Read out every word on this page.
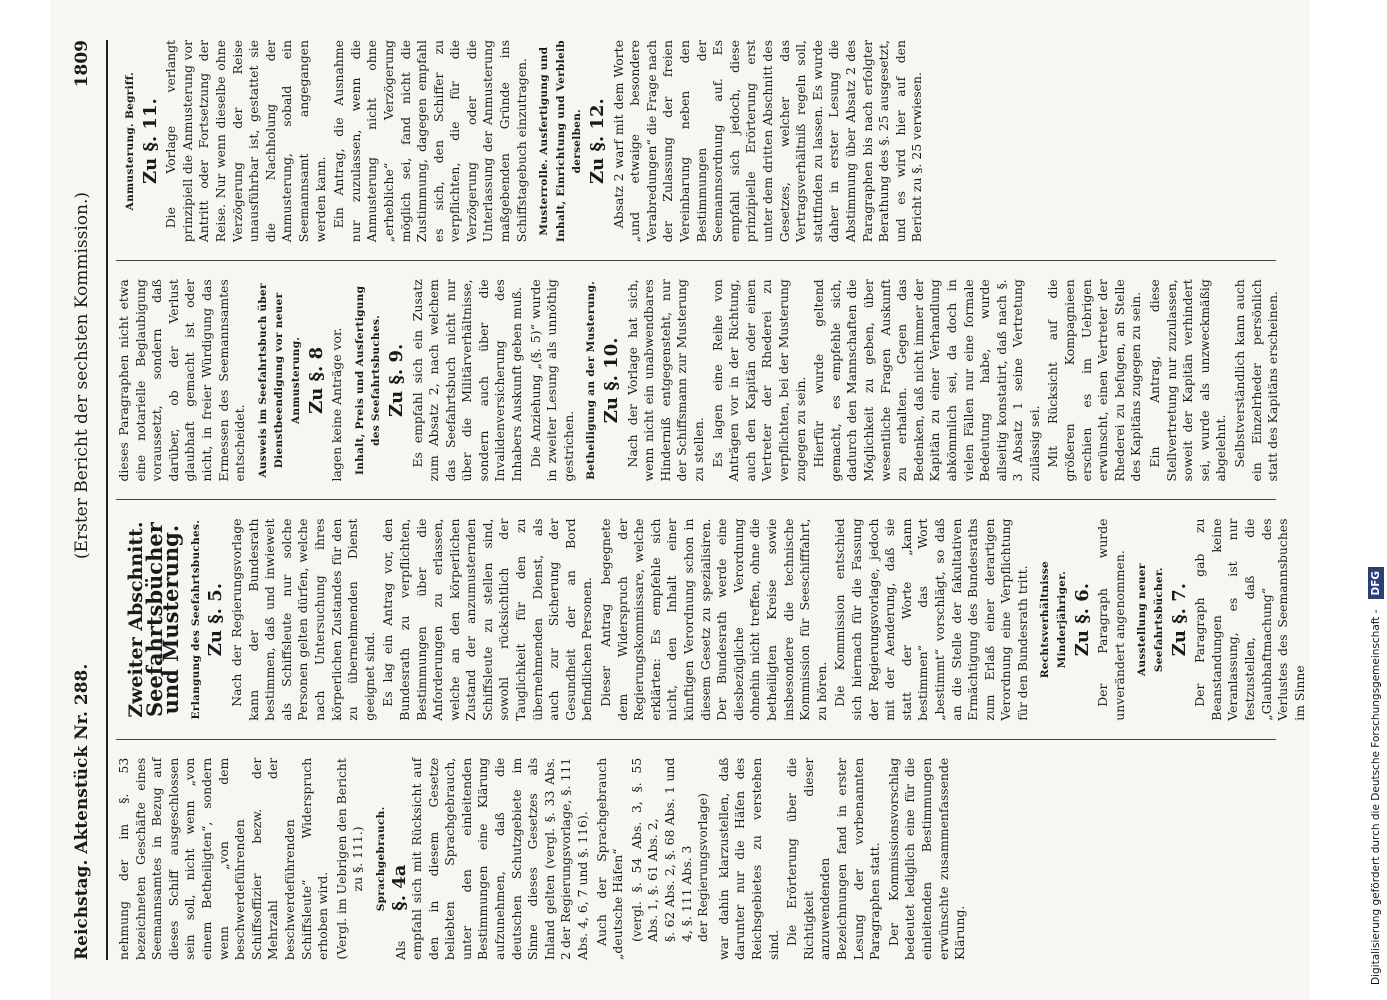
Reichstag. Aktenstück Nr. 288.
(Erster Bericht der sechsten Kommission.)
1809

nehmung der im §. 53 bezeichneten Geschäfte eines Seemannsamtes in Bezug auf dieses Schiff ausgeschlossen sein soll, nicht wenn „von einem Betheiligten“, sondern wenn „von dem beschwerdeführenden Schiffsoffizier bezw. der Mehrzahl der beschwerdeführenden Schiffsleute“ Widerspruch erhoben wird. (Vergl. im Uebrigen den Bericht zu §. 111.) Sprachgebrauch.
Als
§. 4a empfahl sich mit Rücksicht auf den in diesem Gesetze beliebten Sprachgebrauch, unter den einleitenden Bestimmungen eine Klärung aufzunehmen, daß die deutschen Schutzgebiete im Sinne dieses Gesetzes als Inland gelten (vergl. §. 33 Abs. 2 der Regierungsvorlage, §. 111 Abs. 4, 6, 7 und §. 116). Auch der Sprachgebrauch „deutsche Häfen“ (vergl. §. 54 Abs. 3, §. 55 Abs. 1, §. 61 Abs. 2, §. 62 Abs. 2, §. 68 Abs. 1 und 4, §. 111 Abs. 3 der Regierungsvorlage) war dahin klarzustellen, daß darunter nur die Häfen des Reichsgebietes zu verstehen sind. Die Erörterung über die Richtigkeit dieser anzuwendenden Bezeichnungen fand in erster Lesung der vorbenannten Paragraphen statt. Der Kommissionsvorschlag bedeutet lediglich eine für die einleitenden Bestimmungen erwünschte zusammenfassende Klärung.

Zweiter Abschnitt.
Seefahrtsbücher und Musterung. Erlangung des Seefahrtsbuches. Zu §. 5. Nach der Regierungsvorlage kann der Bundesrath bestimmen, daß und inwieweit als Schiffsleute nur solche Personen gelten dürfen, welche nach Untersuchung ihres körperlichen Zustandes für den zu übernehmenden Dienst geeignet sind. Es lag ein Antrag vor, den Bundesrath zu verpflichten, Bestimmungen über die Anforderungen zu erlassen, welche an den körperlichen Zustand der anzumusternden Schiffsleute zu stellen sind, sowohl rücksichtlich der Tauglichkeit für den zu übernehmenden Dienst, als auch zur Sicherung der Gesundheit der an Bord befindlichen Personen. Dieser Antrag begegnete dem Widerspruch der Regierungskommissare, welche erklärten: Es empfehle sich nicht, den Inhalt einer künftigen Verordnung schon in diesem Gesetz zu spezialisiren. Der Bundesrath werde eine diesbezügliche Verordnung ohnehin nicht treffen, ohne die betheiligten Kreise sowie insbesondere die technische Kommission für Seeschifffahrt, zu hören. Die Kommission entschied sich hiernach für die Fassung der Regierungsvorlage, jedoch mit der Aenderung, daß sie statt der Worte „kann bestimmen“ das Wort „bestimmt“ vorschlägt, so daß an die Stelle der fakultativen Ermächtigung des Bundesraths zum Erlaß einer derartigen Verordnung eine Verpflichtung für den Bundesrath tritt. Rechtsverhältnisse Minderjähriger. Zu §. 6. Der Paragraph wurde unverändert angenommen. Ausstellung neuer Seefahrtsbücher. Zu §. 7. Der Paragraph gab zu Beanstandungen keine Veranlassung, es ist nur festzustellen, daß die „Glaubhaftmachung“ des Verlustes des Seemannsbuches im Sinne

dieses Paragraphen nicht etwa eine notarielle Beglaubigung voraussetzt, sondern daß darüber, ob der Verlust glaubhaft gemacht ist oder nicht, in freier Würdigung das Ermessen des Seemannsamtes entscheidet. Ausweis im Seefahrtsbuch über Dienstbeendigung vor neuer Anmusterung. Zu §. 8 lagen keine Anträge vor. Inhalt, Preis und Ausfertigung des Seefahrtsbuches. Zu §. 9. Es empfahl sich ein Zusatz zum Absatz 2, nach welchem das Seefahrtsbuch nicht nur über die Militärverhältnisse, sondern auch über die Invalidenversicherung des Inhabers Auskunft geben muß. Die Anziehung „(§. 5)“ wurde in zweiter Lesung als unnöthig gestrichen. Betheiligung an der Musterung. Zu §. 10. Nach der Vorlage hat sich, wenn nicht ein unabwendbares Hinderniß entgegensteht, nur der Schiffsmann zur Musterung zu stellen. Es lagen eine Reihe von Anträgen vor in der Richtung, auch den Kapitän oder einen Vertreter der Rhederei zu verpflichten, bei der Musterung zugegen zu sein. Hierfür wurde geltend gemacht, es empfehle sich, dadurch den Mannschaften die Möglichkeit zu geben, über wesentliche Fragen Auskunft zu erhalten. Gegen das Bedenken, daß nicht immer der Kapitän zu einer Verhandlung abkömmlich sei, da doch in vielen Fällen nur eine formale Bedeutung habe, wurde allseitig konstatirt, daß nach §. 3 Absatz 1 seine Vertretung zulässig sei. Mit Rücksicht auf die größeren Kompagnieen erschien es im Uebrigen erwünscht, einen Vertreter der Rhederei zu befugen, an Stelle des Kapitäns zugegen zu sein. Ein Antrag, diese Stellvertretung nur zuzulassen, soweit der Kapitän verhindert sei, wurde als unzweckmäßig abgelehnt. Selbstverständlich kann auch ein Einzelrheder persönlich statt des Kapitäns erscheinen.

Anmusterung. Begriff. Zu §. 11. Die Vorlage verlangt prinzipiell die Anmusterung vor Antritt oder Fortsetzung der Reise. Nur wenn dieselbe ohne Verzögerung der Reise unausführbar ist, gestattet sie die Nachholung der Anmusterung, sobald ein Seemannsamt angegangen werden kann. Ein Antrag, die Ausnahme nur zuzulassen, wenn die Anmusterung nicht ohne „erhebliche“ Verzögerung möglich sei, fand nicht die Zustimmung, dagegen empfahl es sich, den Schiffer zu verpflichten, die für die Verzögerung oder die Unterlassung der Anmusterung maßgebenden Gründe ins Schiffstagebuch einzutragen. Musterrolle. Ausfertigung und Inhalt, Einrichtung und Verbleib derselben. Zu §. 12. Absatz 2 warf mit dem Worte „und etwaige besondere Verabredungen“ die Frage nach der Zulassung der freien Vereinbarung neben den Bestimmungen der Seemannsordnung auf. Es empfahl sich jedoch, diese prinzipielle Erörterung erst unter dem dritten Abschnitt des Gesetzes, welcher das Vertragsverhältniß regeln soll, stattfinden zu lassen. Es wurde daher in erster Lesung die Abstimmung über Absatz 2 des Paragraphen bis nach erfolgter Berathung des §. 25 ausgesetzt, und es wird hier auf den Bericht zu §. 25 verwiesen.

Digitalisierung gefördert durch die Deutsche Forschungsgemeinschaft -
DFG
